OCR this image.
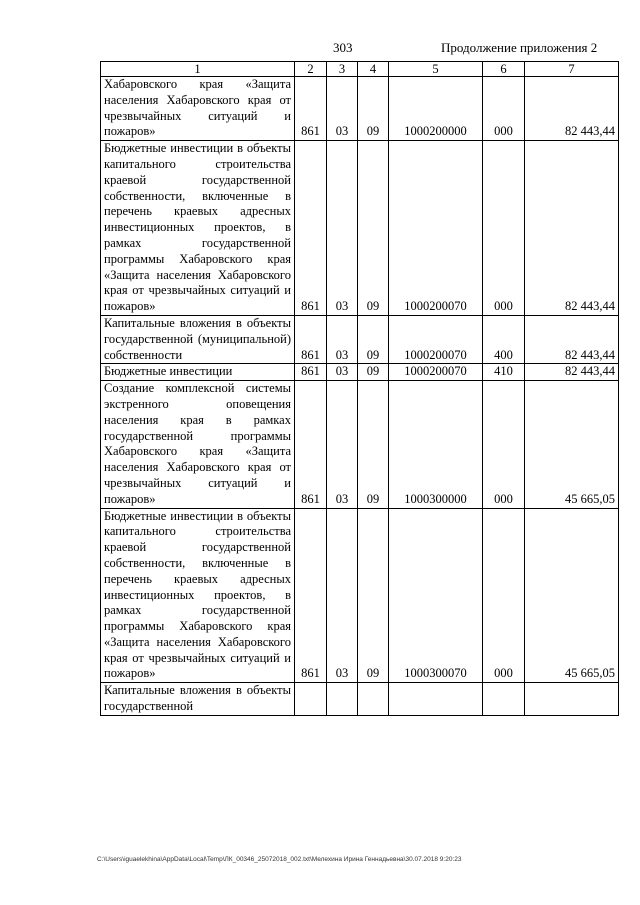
303	Продолжение приложения 2
1	2	3	4	5	6	7
Хабаровского края «Защита населения Хабаровского края от чрезвычайных ситуаций и пожаров»	861	03	09	1000200000	000	82 443,44
Бюджетные инвестиции в объекты капитального строительства краевой государственной собственности, включенные в перечень краевых адресных инвестиционных проектов, в рамках государственной программы Хабаровского края «Защита населения Хабаровского края от чрезвычайных ситуаций и пожаров»	861	03	09	1000200070	000	82 443,44
Капитальные вложения в объекты государственной (муниципальной) собственности	861	03	09	1000200070	400	82 443,44
Бюджетные инвестиции	861	03	09	1000200070	410	82 443,44
Создание комплексной системы экстренного оповещения населения края в рамках государственной программы Хабаровского края «Защита населения Хабаровского края от чрезвычайных ситуаций и пожаров»	861	03	09	1000300000	000	45 665,05
Бюджетные инвестиции в объекты капитального строительства краевой государственной собственности, включенные в перечень краевых адресных инвестиционных проектов, в рамках государственной программы Хабаровского края «Защита населения Хабаровского края от чрезвычайных ситуаций и пожаров»	861	03	09	1000300070	000	45 665,05
Капитальные вложения в объекты государственной						
C:\Users\iguaelekhina\AppData\Local\Temp\ЛК_00346_25072018_002.txt\Мелехина Ирина Геннадьевна\30.07.2018 9:20:23
